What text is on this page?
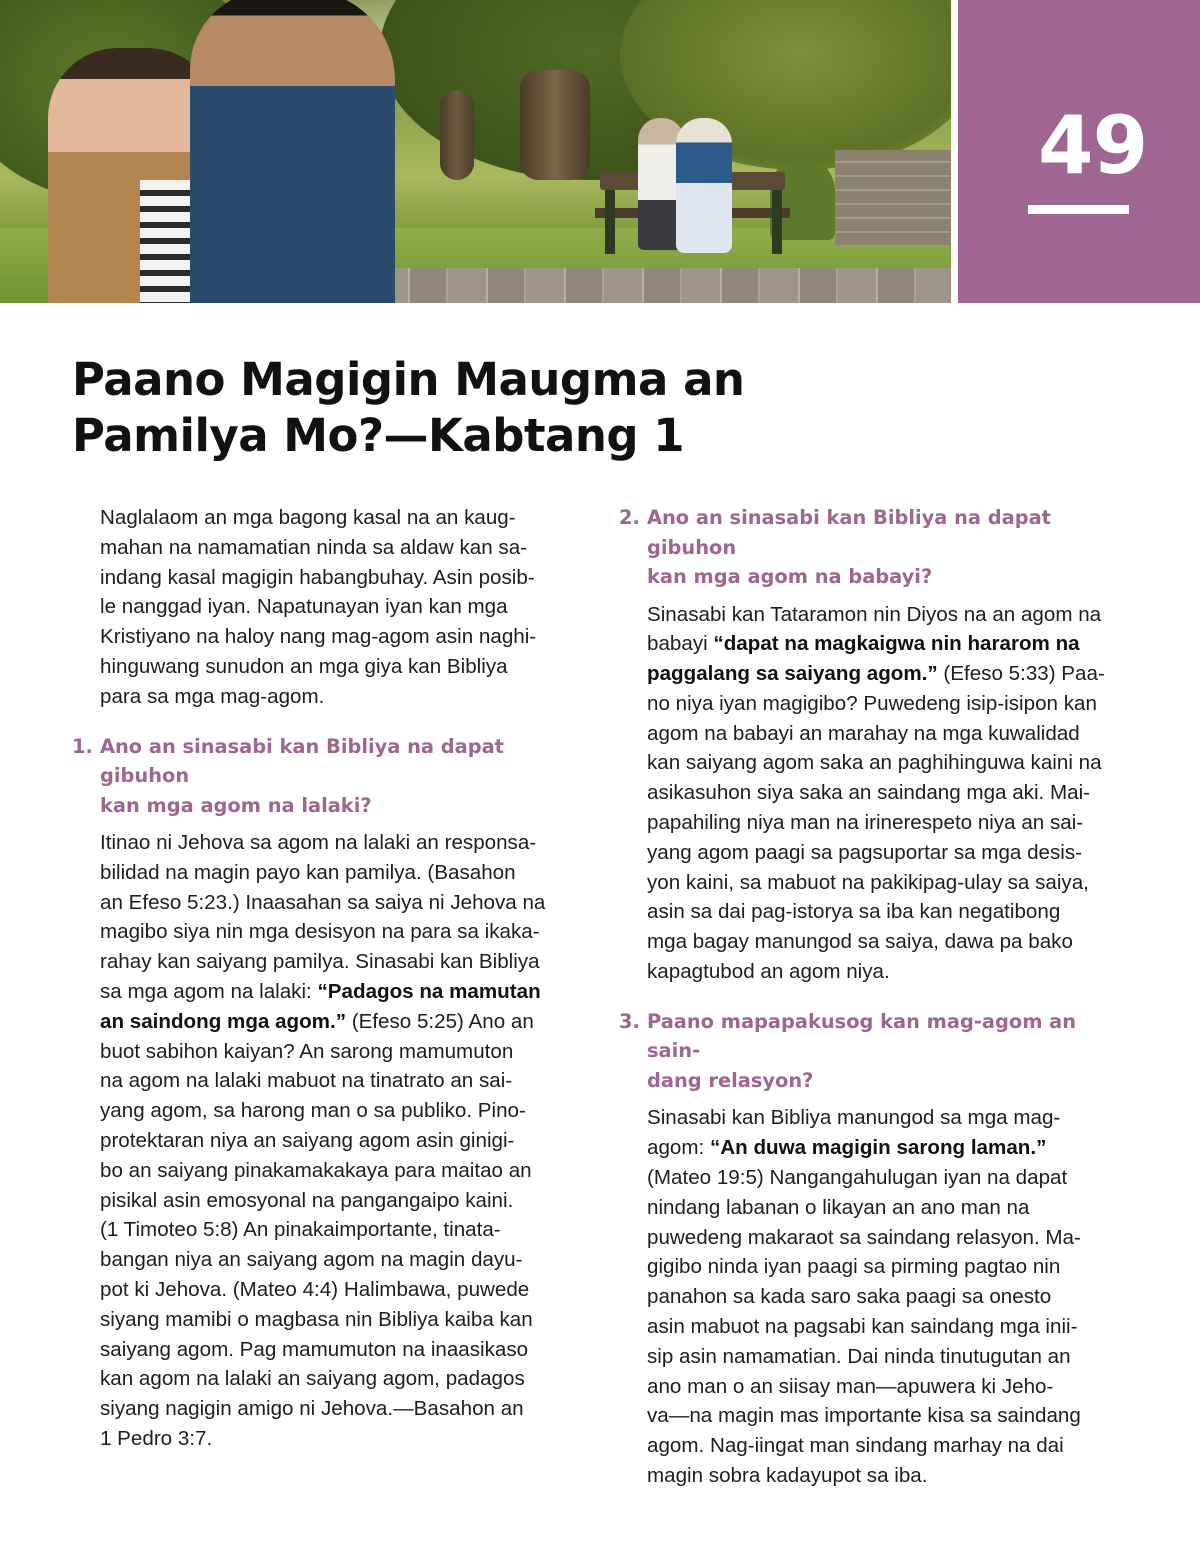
49
Paano Magigin Maugma an
Pamilya Mo?—Kabtang 1
Naglalaom an mga bagong kasal na an kaug-
mahan na namamatian ninda sa aldaw kan sa-
indang kasal magigin habangbuhay. Asin posib-
le nanggad iyan. Napatunayan iyan kan mga
Kristiyano na haloy nang mag-agom asin naghi-
hinguwang sunudon an mga giya kan Bibliya
para sa mga mag-agom.
1. Ano an sinasabi kan Bibliya na dapat gibuhon
kan mga agom na lalaki?
Itinao ni Jehova sa agom na lalaki an responsa-
bilidad na magin payo kan pamilya. (Basahon
an Efeso 5:23.) Inaasahan sa saiya ni Jehova na
magibo siya nin mga desisyon na para sa ikaka-
rahay kan saiyang pamilya. Sinasabi kan Bibliya
sa mga agom na lalaki: “Padagos na mamutan
an saindong mga agom.” (Efeso 5:25) Ano an
buot sabihon kaiyan? An sarong mamumuton
na agom na lalaki mabuot na tinatrato an sai-
yang agom, sa harong man o sa publiko. Pino-
protektaran niya an saiyang agom asin ginigi-
bo an saiyang pinakamakakaya para maitao an
pisikal asin emosyonal na pangangaipo kaini.
(1 Timoteo 5:8) An pinakaimportante, tinata-
bangan niya an saiyang agom na magin dayu-
pot ki Jehova. (Mateo 4:4) Halimbawa, puwede
siyang mamibi o magbasa nin Bibliya kaiba kan
saiyang agom. Pag mamumuton na inaasikaso
kan agom na lalaki an saiyang agom, padagos
siyang nagigin amigo ni Jehova.—Basahon an
1 Pedro 3:7.
2. Ano an sinasabi kan Bibliya na dapat gibuhon
kan mga agom na babayi?
Sinasabi kan Tataramon nin Diyos na an agom na
babayi “dapat na magkaigwa nin hararom na
paggalang sa saiyang agom.” (Efeso 5:33) Paa-
no niya iyan magigibo? Puwedeng isip-isipon kan
agom na babayi an marahay na mga kuwalidad
kan saiyang agom saka an paghihinguwa kaini na
asikasuhon siya saka an saindang mga aki. Mai-
papahiling niya man na irinerespeto niya an sai-
yang agom paagi sa pagsuportar sa mga desis-
yon kaini, sa mabuot na pakikipag-ulay sa saiya,
asin sa dai pag-istorya sa iba kan negatibong
mga bagay manungod sa saiya, dawa pa bako
kapagtubod an agom niya.
3. Paano mapapakusog kan mag-agom an sain-
dang relasyon?
Sinasabi kan Bibliya manungod sa mga mag-
agom: “An duwa magigin sarong laman.”
(Mateo 19:5) Nangangahulugan iyan na dapat
nindang labanan o likayan an ano man na
puwedeng makaraot sa saindang relasyon. Ma-
gigibo ninda iyan paagi sa pirming pagtao nin
panahon sa kada saro saka paagi sa onesto
asin mabuot na pagsabi kan saindang mga inii-
sip asin namamatian. Dai ninda tinutugutan an
ano man o an siisay man—apuwera ki Jeho-
va—na magin mas importante kisa sa saindang
agom. Nag-iingat man sindang marhay na dai
magin sobra kadayupot sa iba.
